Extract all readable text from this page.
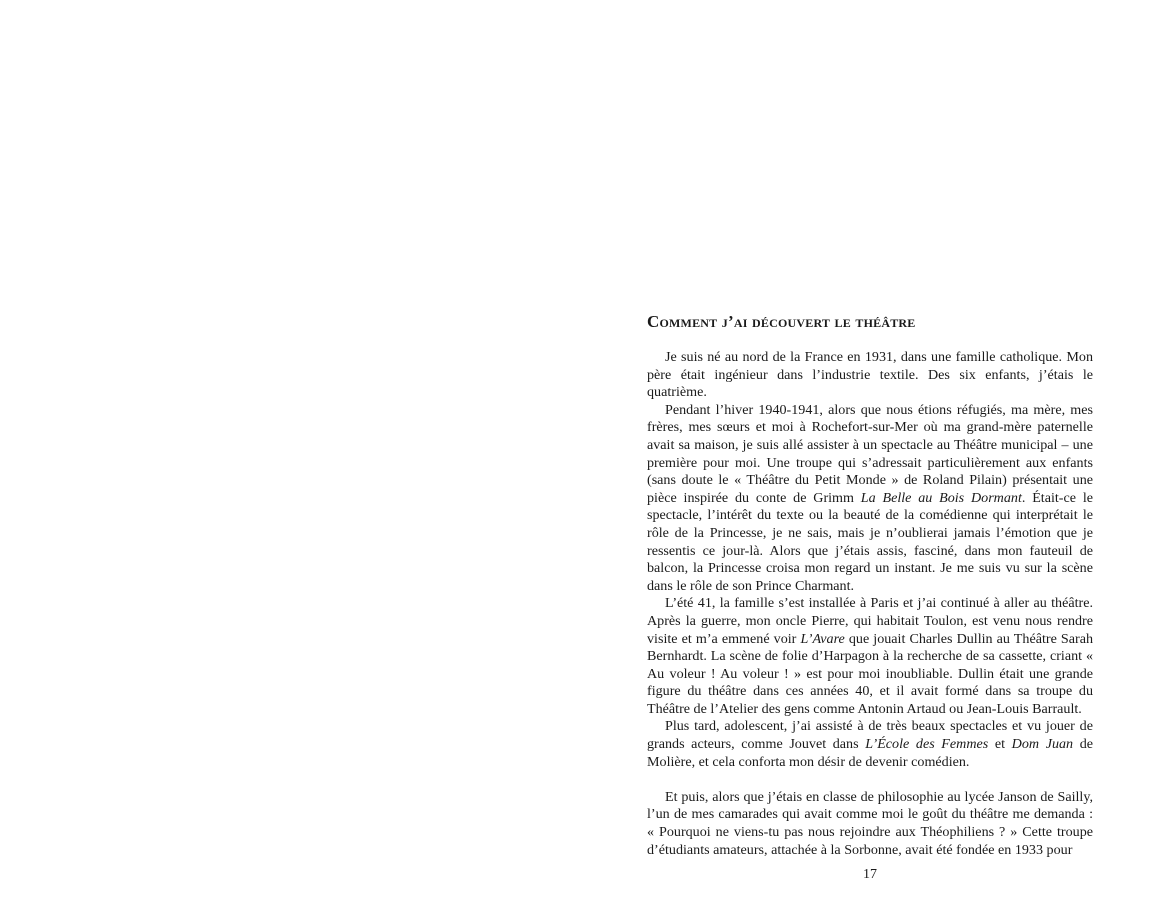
Comment j’ai découvert le théâtre

Je suis né au nord de la France en 1931, dans une famille catholique. Mon père était ingénieur dans l’industrie textile. Des six enfants, j’étais le quatrième.

Pendant l’hiver 1940-1941, alors que nous étions réfugiés, ma mère, mes frères, mes sœurs et moi à Rochefort-sur-Mer où ma grand-mère paternelle avait sa maison, je suis allé assister à un spectacle au Théâtre municipal – une première pour moi. Une troupe qui s’adressait particulièrement aux enfants (sans doute le « Théâtre du Petit Monde » de Roland Pilain) présentait une pièce inspirée du conte de Grimm La Belle au Bois Dormant. Était-ce le spectacle, l’intérêt du texte ou la beauté de la comédienne qui interprétait le rôle de la Princesse, je ne sais, mais je n’oublierai jamais l’émotion que je ressentis ce jour-là. Alors que j’étais assis, fasciné, dans mon fauteuil de balcon, la Princesse croisa mon regard un instant. Je me suis vu sur la scène dans le rôle de son Prince Charmant.

L’été 41, la famille s’est installée à Paris et j’ai continué à aller au théâtre. Après la guerre, mon oncle Pierre, qui habitait Toulon, est venu nous rendre visite et m’a emmené voir L’Avare que jouait Charles Dullin au Théâtre Sarah Bernhardt. La scène de folie d’Harpagon à la recherche de sa cassette, criant « Au voleur ! Au voleur ! » est pour moi inoubliable. Dullin était une grande figure du théâtre dans ces années 40, et il avait formé dans sa troupe du Théâtre de l’Atelier des gens comme Antonin Artaud ou Jean-Louis Barrault.

Plus tard, adolescent, j’ai assisté à de très beaux spectacles et vu jouer de grands acteurs, comme Jouvet dans L’École des Femmes et Dom Juan de Molière, et cela conforta mon désir de devenir comédien.

Et puis, alors que j’étais en classe de philosophie au lycée Janson de Sailly, l’un de mes camarades qui avait comme moi le goût du théâtre me demanda : « Pourquoi ne viens-tu pas nous rejoindre aux Théophiliens ? » Cette troupe d’étudiants amateurs, attachée à la Sorbonne, avait été fondée en 1933 pour

17
